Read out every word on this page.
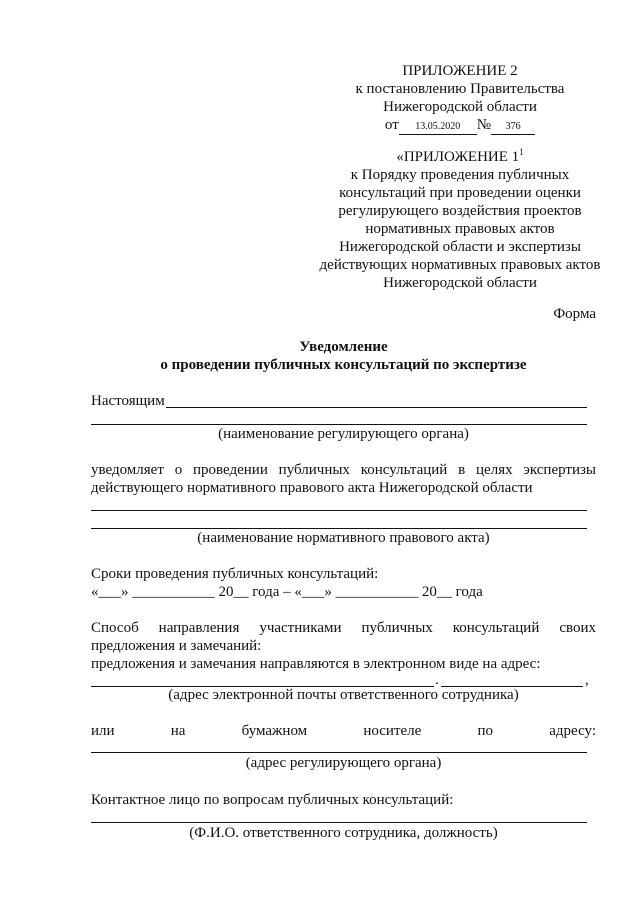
ПРИЛОЖЕНИЕ 2
к постановлению Правительства
Нижегородской области
от 13.05.2020 № 376
«ПРИЛОЖЕНИЕ $1^1$
к Порядку проведения публичных
консультаций при проведении оценки
регулирующего воздействия проектов
нормативных правовых актов
Нижегородской области и экспертизы
действующих нормативных правовых актов
Нижегородской области
Форма
Уведомление
о проведении публичных консультаций по экспертизе
Настоящим
(наименование регулирующего органа)
уведомляет о проведении публичных консультаций в целях экспертизы
действующего нормативного правового акта Нижегородской области
(наименование нормативного правового акта)
Сроки проведения публичных консультаций:
«___» ___________ 20__ года – «___» ___________ 20__ года
Способ направления участниками публичных консультаций своих
предложения и замечаний:
предложения и замечания направляются в электронном виде на адрес:
.	,
(адрес электронной почты ответственного сотрудника)
или на бумажном носителе по адресу:
(адрес регулирующего органа)
Контактное лицо по вопросам публичных консультаций:
(Ф.И.О. ответственного сотрудника, должность)
